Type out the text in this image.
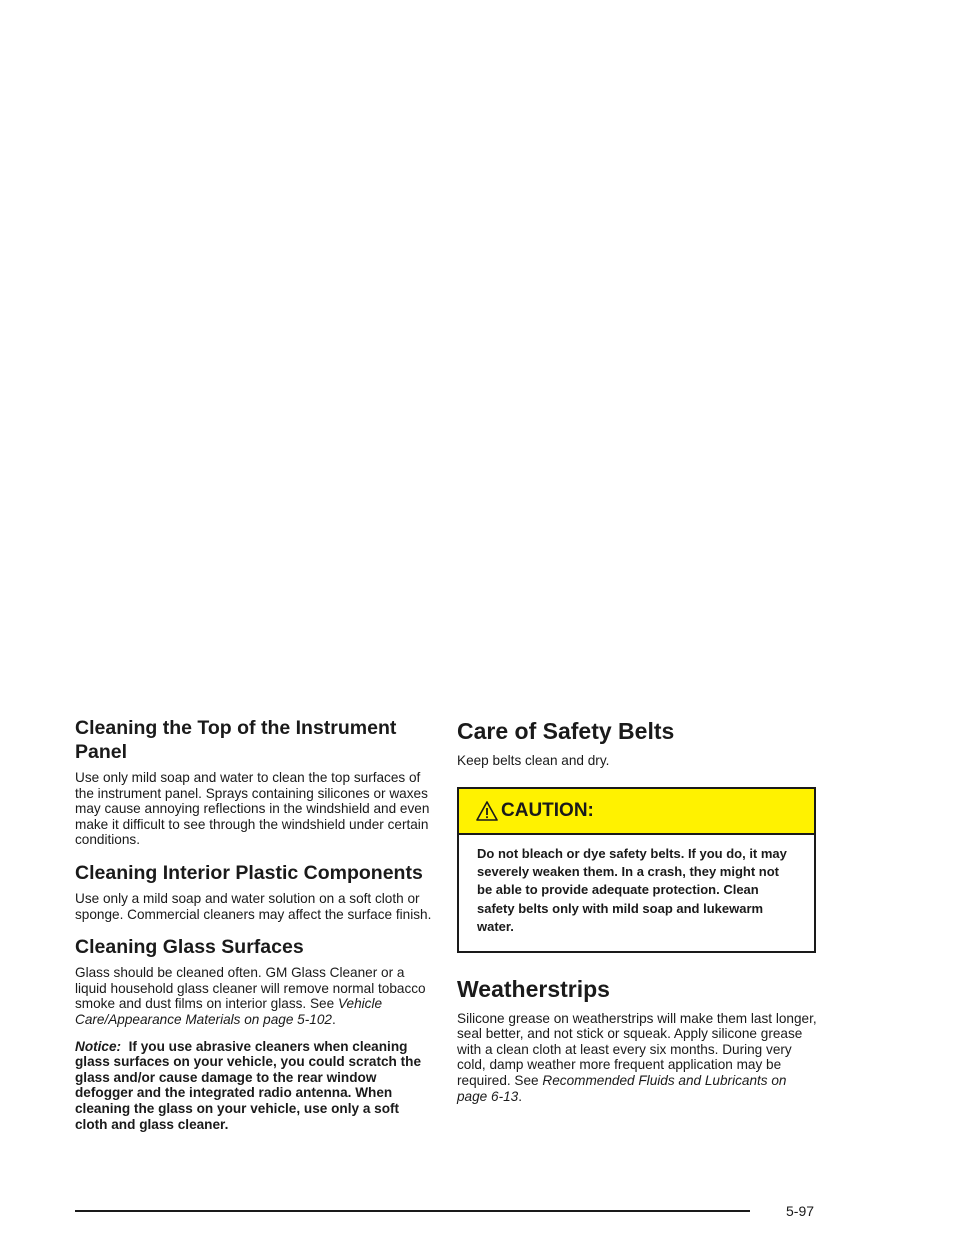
Cleaning the Top of the Instrument Panel

Use only mild soap and water to clean the top surfaces of the instrument panel. Sprays containing silicones or waxes may cause annoying reflections in the windshield and even make it difficult to see through the windshield under certain conditions.

Cleaning Interior Plastic Components

Use only a mild soap and water solution on a soft cloth or sponge. Commercial cleaners may affect the surface finish.

Cleaning Glass Surfaces

Glass should be cleaned often. GM Glass Cleaner or a liquid household glass cleaner will remove normal tobacco smoke and dust films on interior glass. See Vehicle Care/Appearance Materials on page 5-102.

Notice: If you use abrasive cleaners when cleaning glass surfaces on your vehicle, you could scratch the glass and/or cause damage to the rear window defogger and the integrated radio antenna. When cleaning the glass on your vehicle, use only a soft cloth and glass cleaner.

Care of Safety Belts

Keep belts clean and dry.

CAUTION:
Do not bleach or dye safety belts. If you do, it may severely weaken them. In a crash, they might not be able to provide adequate protection. Clean safety belts only with mild soap and lukewarm water.
Weatherstrips

Silicone grease on weatherstrips will make them last longer, seal better, and not stick or squeak. Apply silicone grease with a clean cloth at least every six months. During very cold, damp weather more frequent application may be required. See Recommended Fluids and Lubricants on page 6-13.

5-97
